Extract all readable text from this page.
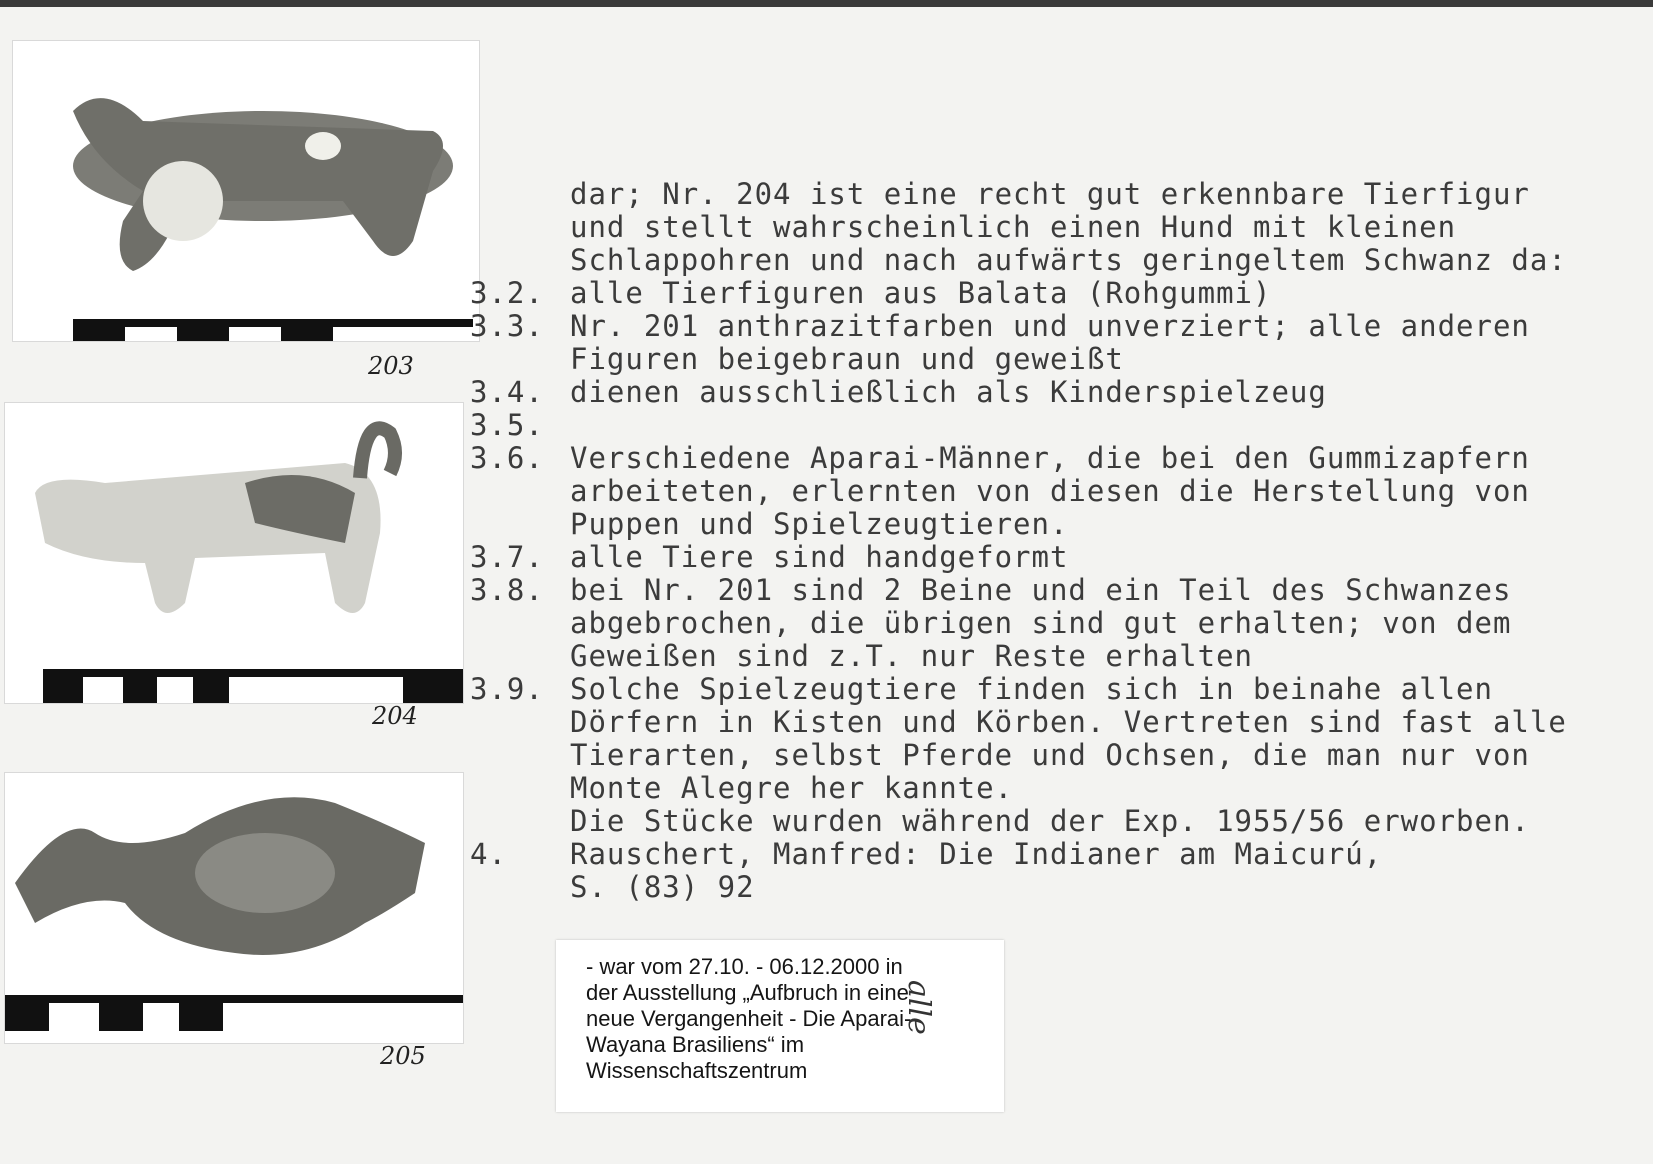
203
204
205
dar; Nr. 204 ist eine recht gut erkennbare Tierfigur
und stellt wahrscheinlich einen Hund mit kleinen
Schlappohren und nach aufwärts geringeltem Schwanz da:
3.2. alle Tierfiguren aus Balata (Rohgummi)
3.3. Nr. 201 anthrazitfarben und unverziert; alle anderen
Figuren beigebraun und geweißt
3.4. dienen ausschließlich als Kinderspielzeug
3.5.
3.6. Verschiedene Aparai-Männer, die bei den Gummizapfern
arbeiteten, erlernten von diesen die Herstellung von
Puppen und Spielzeugtieren.
3.7. alle Tiere sind handgeformt
3.8. bei Nr. 201 sind 2 Beine und ein Teil des Schwanzes
abgebrochen, die übrigen sind gut erhalten; von dem
Geweißen sind z.T. nur Reste erhalten
3.9. Solche Spielzeugtiere finden sich in beinahe allen
Dörfern in Kisten und Körben. Vertreten sind fast alle
Tierarten, selbst Pferde und Ochsen, die man nur von
Monte Alegre her kannte.
Die Stücke wurden während der Exp. 1955/56 erworben.
4.	Rauschert, Manfred: Die Indianer am Maicurú,
S. (83) 92
- war vom 27.10. - 06.12.2000 in der Ausstellung „Aufbruch in eine neue Vergangenheit - Die Aparai-Wayana Brasiliens“ im Wissenschaftszentrum
alle
